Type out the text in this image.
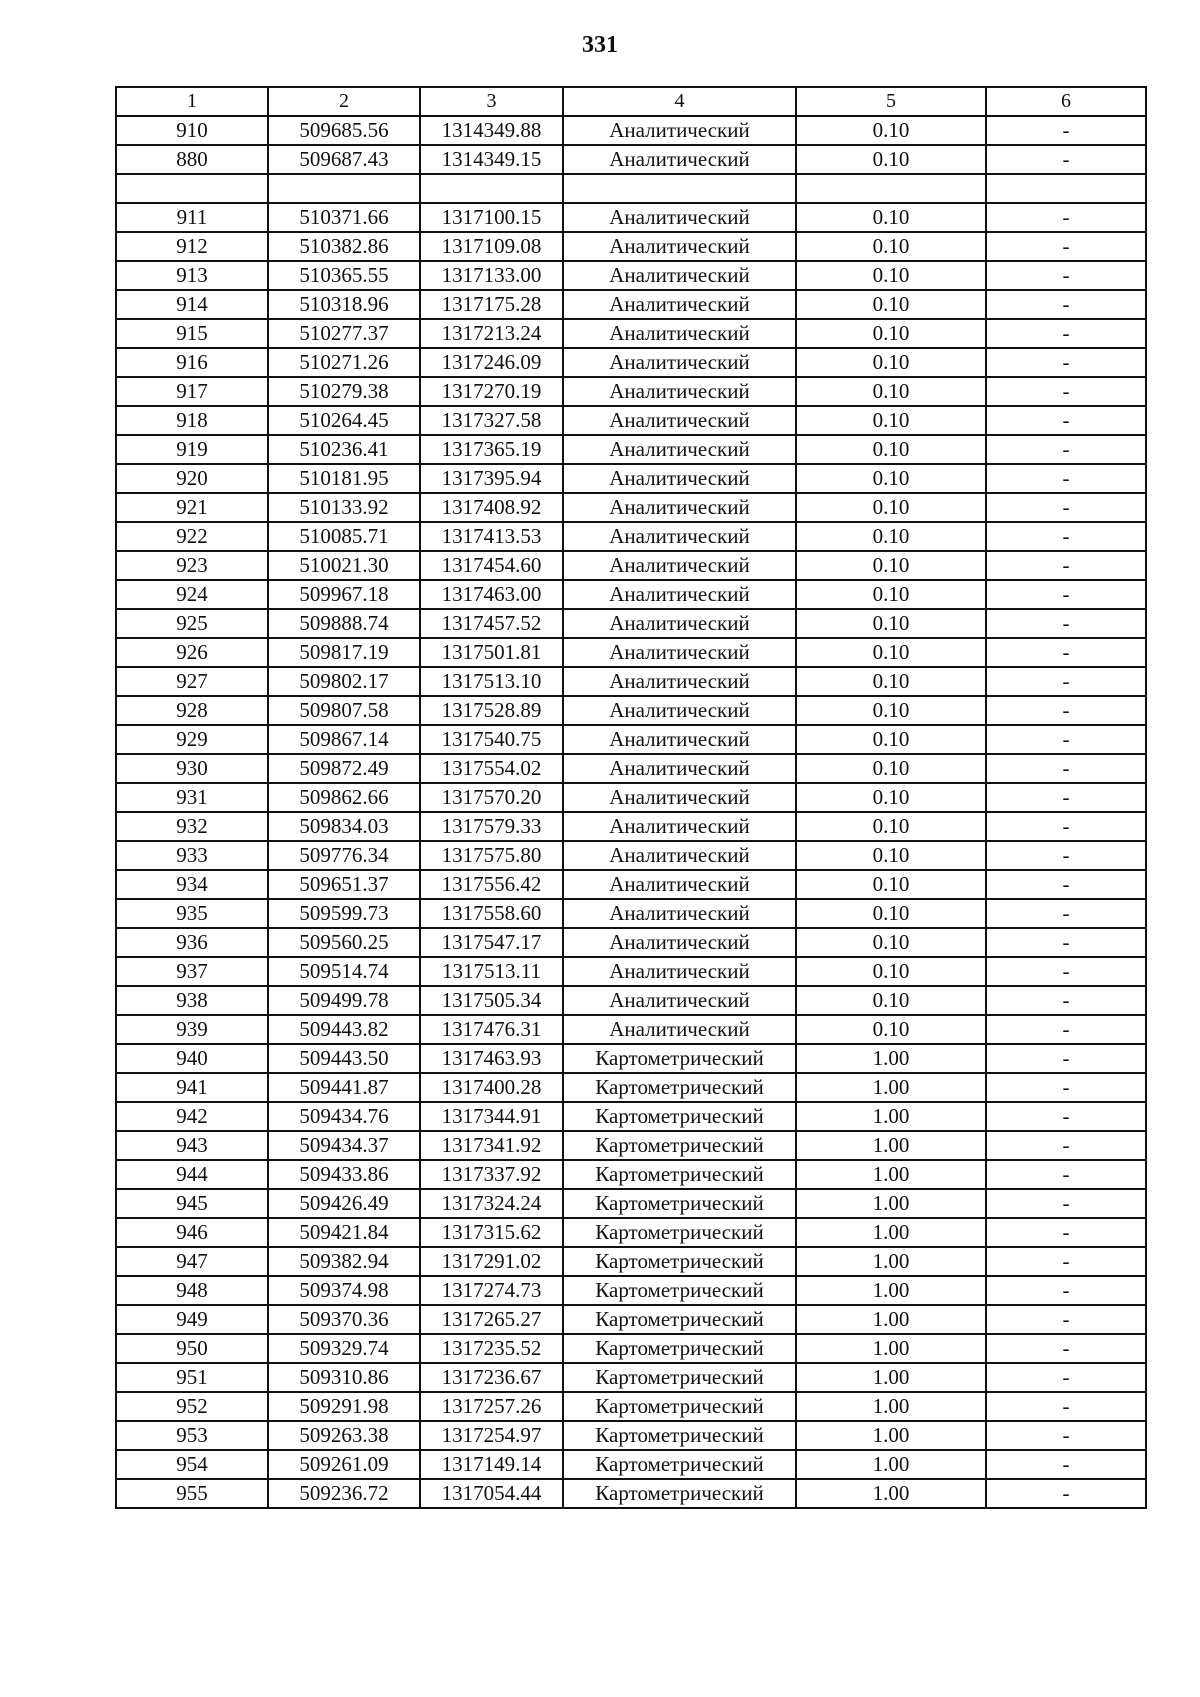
331
1	2	3	4	5	6
910	509685.56	1314349.88	Аналитический	0.10	-
880	509687.43	1314349.15	Аналитический	0.10	-

911	510371.66	1317100.15	Аналитический	0.10	-
912	510382.86	1317109.08	Аналитический	0.10	-
913	510365.55	1317133.00	Аналитический	0.10	-
914	510318.96	1317175.28	Аналитический	0.10	-
915	510277.37	1317213.24	Аналитический	0.10	-
916	510271.26	1317246.09	Аналитический	0.10	-
917	510279.38	1317270.19	Аналитический	0.10	-
918	510264.45	1317327.58	Аналитический	0.10	-
919	510236.41	1317365.19	Аналитический	0.10	-
920	510181.95	1317395.94	Аналитический	0.10	-
921	510133.92	1317408.92	Аналитический	0.10	-
922	510085.71	1317413.53	Аналитический	0.10	-
923	510021.30	1317454.60	Аналитический	0.10	-
924	509967.18	1317463.00	Аналитический	0.10	-
925	509888.74	1317457.52	Аналитический	0.10	-
926	509817.19	1317501.81	Аналитический	0.10	-
927	509802.17	1317513.10	Аналитический	0.10	-
928	509807.58	1317528.89	Аналитический	0.10	-
929	509867.14	1317540.75	Аналитический	0.10	-
930	509872.49	1317554.02	Аналитический	0.10	-
931	509862.66	1317570.20	Аналитический	0.10	-
932	509834.03	1317579.33	Аналитический	0.10	-
933	509776.34	1317575.80	Аналитический	0.10	-
934	509651.37	1317556.42	Аналитический	0.10	-
935	509599.73	1317558.60	Аналитический	0.10	-
936	509560.25	1317547.17	Аналитический	0.10	-
937	509514.74	1317513.11	Аналитический	0.10	-
938	509499.78	1317505.34	Аналитический	0.10	-
939	509443.82	1317476.31	Аналитический	0.10	-
940	509443.50	1317463.93	Картометрический	1.00	-
941	509441.87	1317400.28	Картометрический	1.00	-
942	509434.76	1317344.91	Картометрический	1.00	-
943	509434.37	1317341.92	Картометрический	1.00	-
944	509433.86	1317337.92	Картометрический	1.00	-
945	509426.49	1317324.24	Картометрический	1.00	-
946	509421.84	1317315.62	Картометрический	1.00	-
947	509382.94	1317291.02	Картометрический	1.00	-
948	509374.98	1317274.73	Картометрический	1.00	-
949	509370.36	1317265.27	Картометрический	1.00	-
950	509329.74	1317235.52	Картометрический	1.00	-
951	509310.86	1317236.67	Картометрический	1.00	-
952	509291.98	1317257.26	Картометрический	1.00	-
953	509263.38	1317254.97	Картометрический	1.00	-
954	509261.09	1317149.14	Картометрический	1.00	-
955	509236.72	1317054.44	Картометрический	1.00	-
